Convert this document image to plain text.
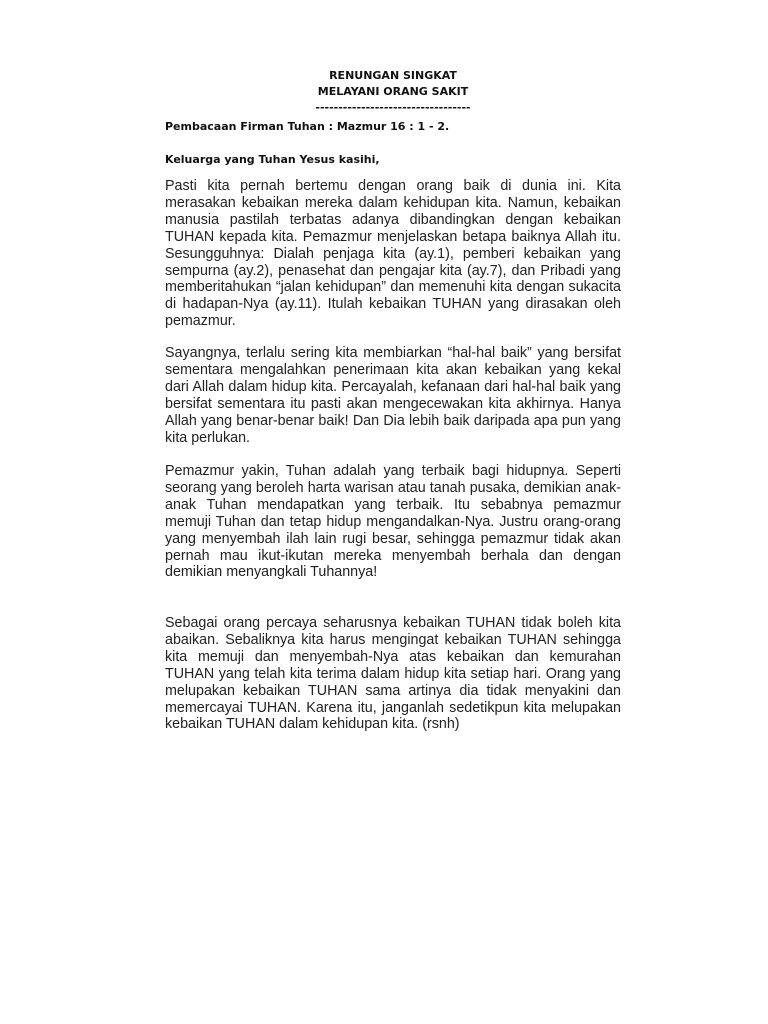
RENUNGAN SINGKAT
MELAYANI ORANG SAKIT
----------------------------------
Pembacaan Firman Tuhan : Mazmur 16 : 1 - 2.
Keluarga yang Tuhan Yesus kasihi,

Pasti kita pernah bertemu dengan orang baik di dunia ini. Kita merasakan kebaikan mereka dalam kehidupan kita. Namun, kebaikan manusia pastilah terbatas adanya dibandingkan dengan kebaikan TUHAN kepada kita. Pemazmur menjelaskan betapa baiknya Allah itu. Sesungguhnya: Dialah penjaga kita (ay.1), pemberi kebaikan yang sempurna (ay.2), penasehat dan pengajar kita (ay.7), dan Pribadi yang memberitahukan “jalan kehidupan” dan memenuhi kita dengan sukacita di hadapan-Nya (ay.11). Itulah kebaikan TUHAN yang dirasakan oleh pemazmur.

Sayangnya, terlalu sering kita membiarkan “hal-hal baik” yang bersifat sementara mengalahkan penerimaan kita akan kebaikan yang kekal dari Allah dalam hidup kita. Percayalah, kefanaan dari hal-hal baik yang bersifat sementara itu pasti akan mengecewakan kita akhirnya. Hanya Allah yang benar-benar baik! Dan Dia lebih baik daripada apa pun yang kita perlukan.

Pemazmur yakin, Tuhan adalah yang terbaik bagi hidupnya. Seperti seorang yang beroleh harta warisan atau tanah pusaka, demikian anak-anak Tuhan mendapatkan yang terbaik. Itu sebabnya pemazmur memuji Tuhan dan tetap hidup mengandalkan-Nya. Justru orang-orang yang menyembah ilah lain rugi besar, sehingga pemazmur tidak akan pernah mau ikut-ikutan mereka menyembah berhala dan dengan demikian menyangkali Tuhannya!

Sebagai orang percaya seharusnya kebaikan TUHAN tidak boleh kita abaikan. Sebaliknya kita harus mengingat kebaikan TUHAN sehingga kita memuji dan menyembah-Nya atas kebaikan dan kemurahan TUHAN yang telah kita terima dalam hidup kita setiap hari. Orang yang melupakan kebaikan TUHAN sama artinya dia tidak menyakini dan memercayai TUHAN. Karena itu, janganlah sedetikpun kita melupakan kebaikan TUHAN dalam kehidupan kita. (rsnh)
